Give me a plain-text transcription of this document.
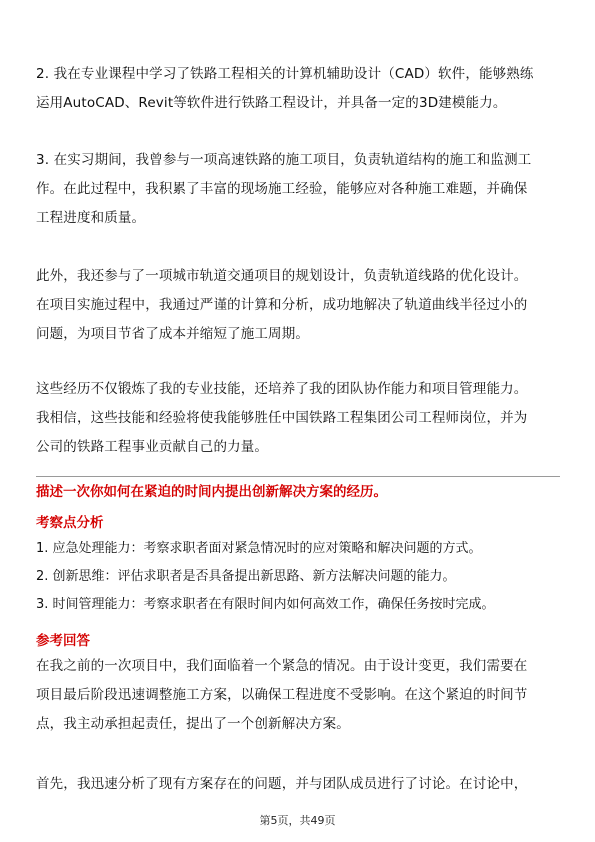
2. 我在专业课程中学习了铁路工程相关的计算机辅助设计（CAD）软件，能够熟练
运用AutoCAD、Revit等软件进行铁路工程设计，并具备一定的3D建模能力。

3. 在实习期间，我曾参与一项高速铁路的施工项目，负责轨道结构的施工和监测工
作。在此过程中，我积累了丰富的现场施工经验，能够应对各种施工难题，并确保
工程进度和质量。

此外，我还参与了一项城市轨道交通项目的规划设计，负责轨道线路的优化设计。
在项目实施过程中，我通过严谨的计算和分析，成功地解决了轨道曲线半径过小的
问题，为项目节省了成本并缩短了施工周期。

这些经历不仅锻炼了我的专业技能，还培养了我的团队协作能力和项目管理能力。
我相信，这些技能和经验将使我能够胜任中国铁路工程集团公司工程师岗位，并为
公司的铁路工程事业贡献自己的力量。

描述一次你如何在紧迫的时间内提出创新解决方案的经历。
考察点分析
1. 应急处理能力：考察求职者面对紧急情况时的应对策略和解决问题的方式。
2. 创新思维：评估求职者是否具备提出新思路、新方法解决问题的能力。
3. 时间管理能力：考察求职者在有限时间内如何高效工作，确保任务按时完成。
参考回答

在我之前的一次项目中，我们面临着一个紧急的情况。由于设计变更，我们需要在
项目最后阶段迅速调整施工方案，以确保工程进度不受影响。在这个紧迫的时间节
点，我主动承担起责任，提出了一个创新解决方案。

首先，我迅速分析了现有方案存在的问题，并与团队成员进行了讨论。在讨论中，

第5页，共49页
